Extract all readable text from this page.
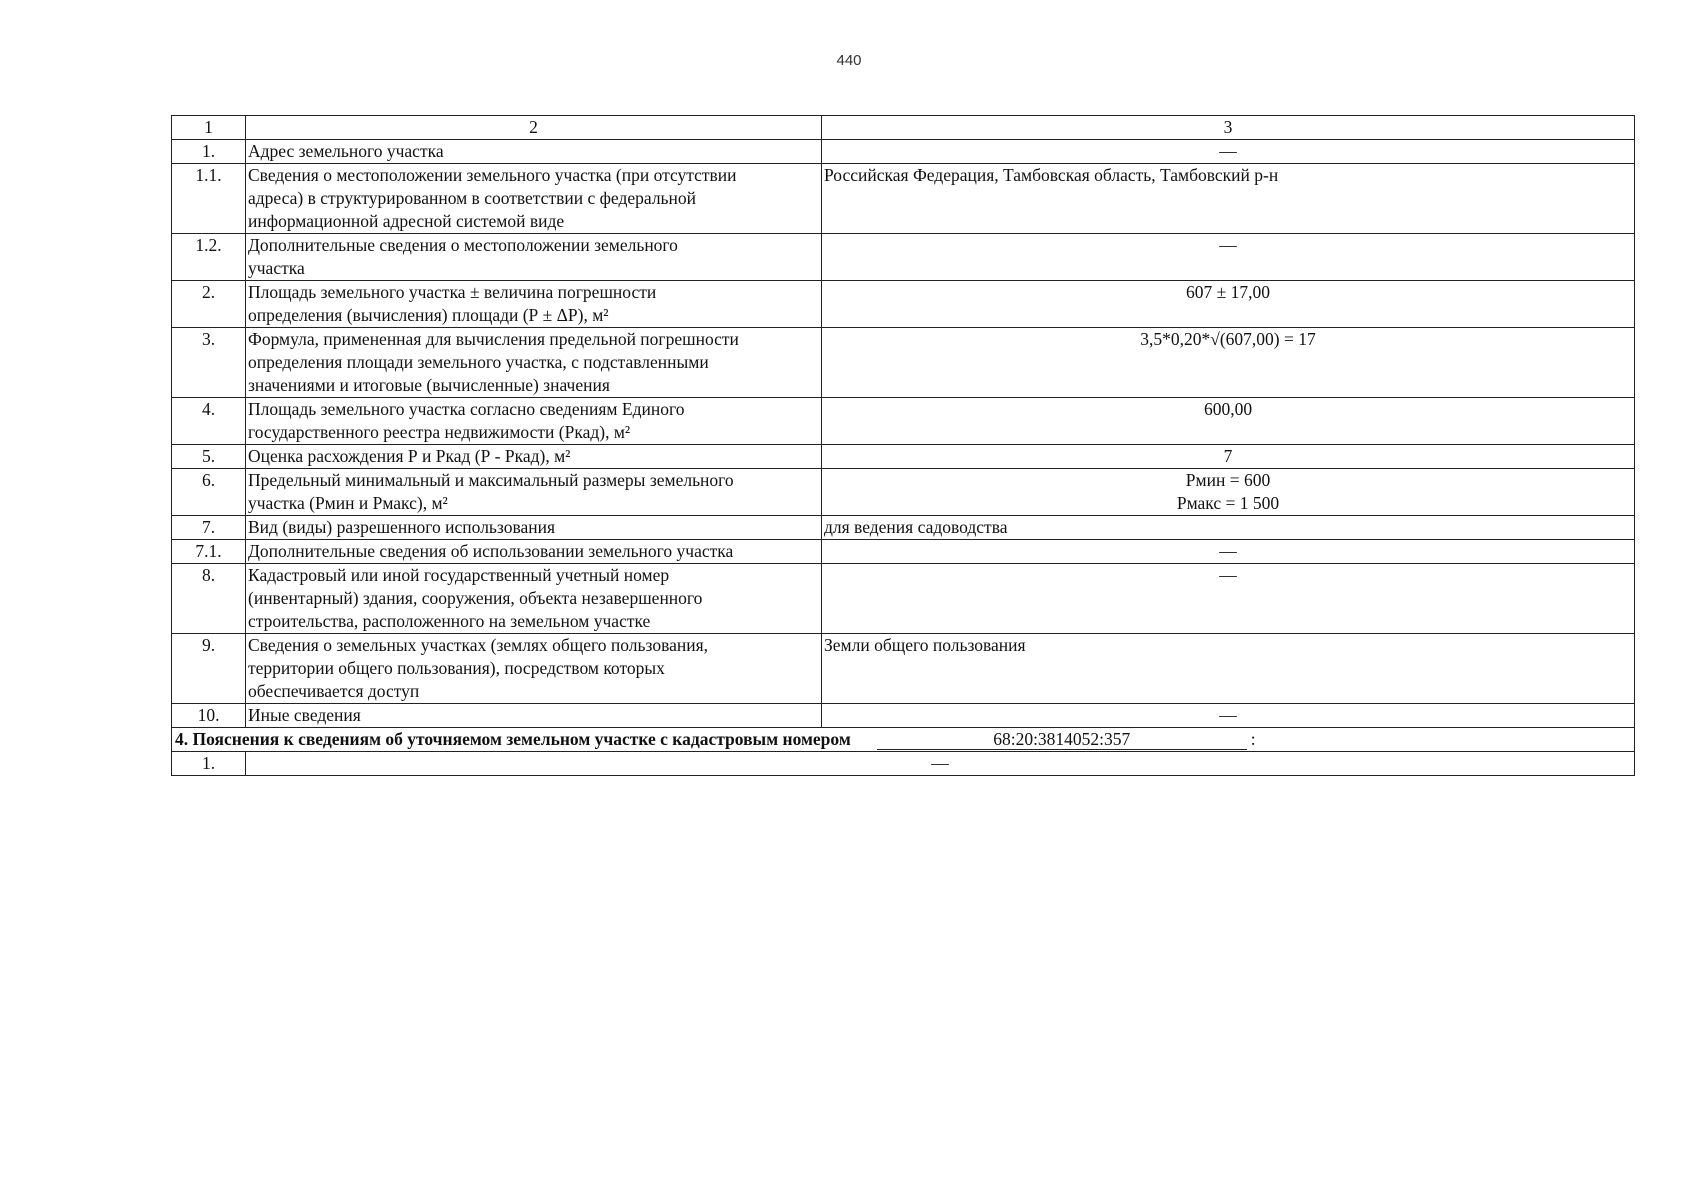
440
1	2	3
1.	Адрес земельного участка	—

1.1.	Сведения о местоположении земельного участка (при отсутствии
адреса) в структурированном в соответствии с федеральной
информационной адресной системой виде	Российская Федерация, Тамбовская область, Тамбовский р-н

1.2.	Дополнительные сведения о местоположении земельного
участка	—

2.	Площадь земельного участка ± величина погрешности
определения (вычисления) площади (Р ± ΔР), м²	607 ± 17,00

3.	Формула, примененная для вычисления предельной погрешности
определения площади земельного участка, с подставленными
значениями и итоговые (вычисленные) значения	3,5*0,20*√(607,00) = 17

4.	Площадь земельного участка согласно сведениям Единого
государственного реестра недвижимости (Ркад), м²	600,00

5.	Оценка расхождения Р и Ркад (Р - Ркад), м²	7

6.	Предельный минимальный и максимальный размеры земельного
участка (Рмин и Рмакс), м²	Рмин = 600
Рмакс = 1 500

7.	Вид (виды) разрешенного использования	для ведения садоводства

7.1.	Дополнительные сведения об использовании земельного участка	—

8.	Кадастровый или иной государственный учетный номер
(инвентарный) здания, сооружения, объекта незавершенного
строительства, расположенного на земельном участке	—

9.	Сведения о земельных участках (землях общего пользования,
территории общего пользования), посредством которых
обеспечивается доступ	Земли общего пользования

10.	Иные сведения	—

4. Пояснения к сведениям об уточняемом земельном участке с кадастровым номером 68:20:3814052:357 :		
1.	—	
